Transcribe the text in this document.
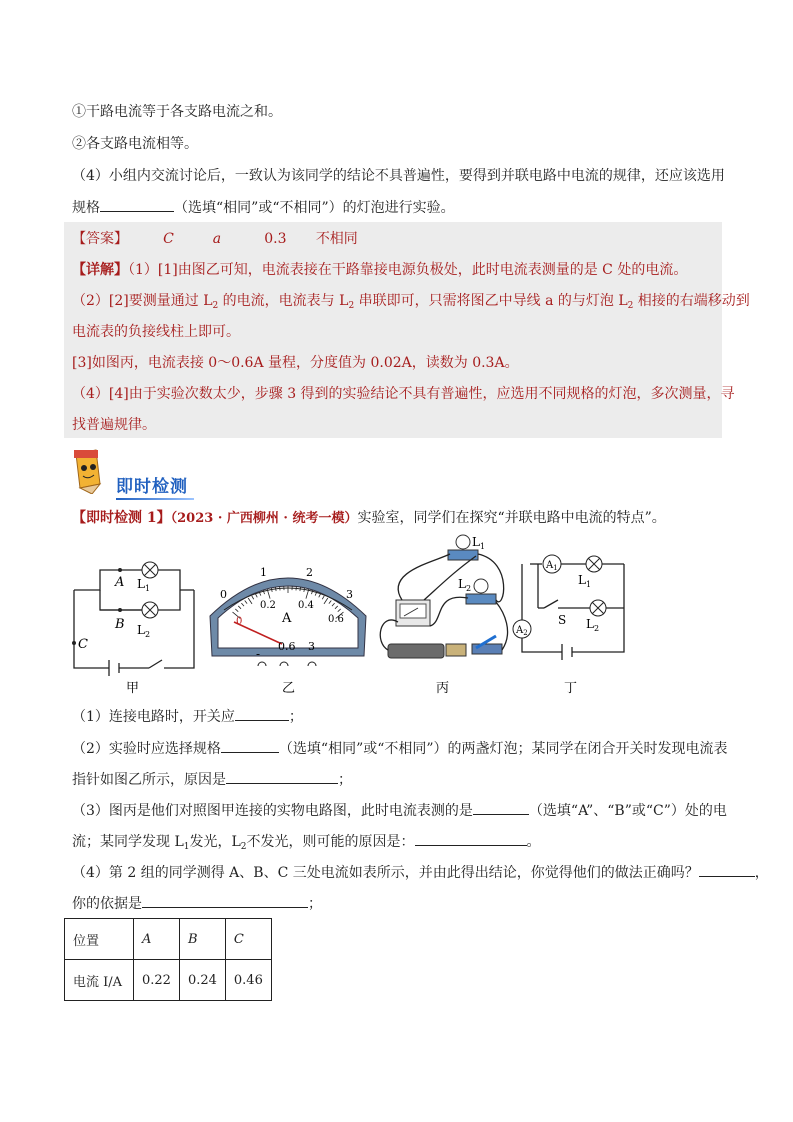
①干路电流等于各支路电流之和。
②各支路电流相等。
（4）小组内交流讨论后，一致认为该同学的结论不具普遍性，要得到并联电路中电流的规律，还应该选用
规格	（选填“相同”或“不相同”）的灯泡进行实验。
【答案】	C	a	0.3 不相同
【详解】（1）[1]由图乙可知，电流表接在干路靠接电源负极处，此时电流表测量的是 C 处的电流。
（2）[2]要测量通过 $L_2$ 的电流，电流表与 $L_2$ 串联即可，只需将图乙中导线 a 的与灯泡 $L_2$ 相接的右端移动到
电流表的负接线柱上即可。
[3]如图丙，电流表接 0～0.6A 量程，分度值为 0.02A，读数为 0.3A。
（4）[4]由于实验次数太少，步骤 3 得到的实验结论不具有普遍性，应选用不同规格的灯泡，多次测量，寻
找普遍规律。
即时检测
【即时检测 1】（2023 · 广西柳州 · 统考一模）实验室，同学们在探究“并联电路中电流的特点”。
A
B
C
$L_1$
$L_2$
甲
0
1	2
3
0.2 0.4
0.6
A
0
-
0.6 3
乙
$L_1$
$L_2$
丙
$A_1$
$A_2$
$L_1$
$L_2$
S
丁
（1）连接电路时，开关应	；
（2）实验时应选择规格	（选填“相同”或“不相同”）的两盏灯泡；某同学在闭合开关时发现电流表
指针如图乙所示，原因是	；
（3）图丙是他们对照图甲连接的实物电路图，此时电流表测的是	（选填“A”、“B”或“C”）处的电
流；某同学发现 $L_1$发光，$L_2$不发光，则可能的原因是：	。
（4）第 2 组的同学测得 A、B、C 三处电流如表所示，并由此得出结论，你觉得他们的做法正确吗？	，
你的依据是	；
位置	A	B	C
电流 I/A	0.22	0.24	0.46
